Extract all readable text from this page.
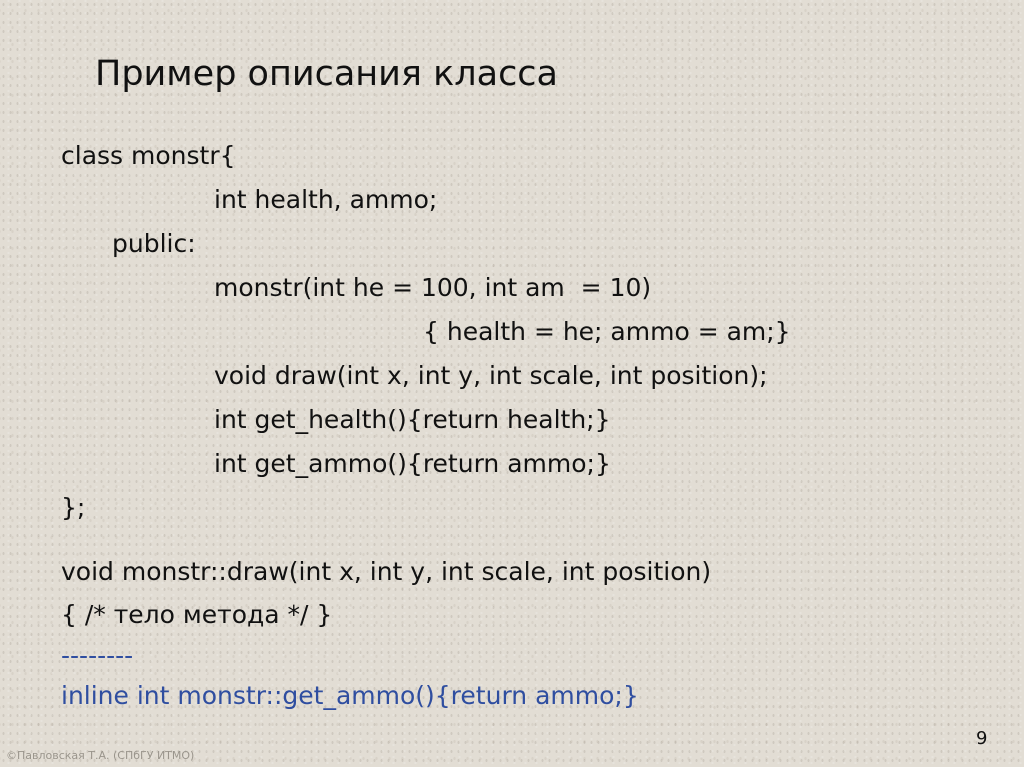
Пример описания класса
class monstr{
int health, ammo;
public:
monstr(int he = 100, int am  = 10)
{ health = he; ammo = am;}
void draw(int x, int y, int scale, int position);
int get_health(){return health;}
int get_ammo(){return ammo;}
};
void monstr::draw(int x, int y, int scale, int position)
{ /* тело метода */ }
--------
inline int monstr::get_ammo(){return ammo;}
9
©Павловская Т.А. (СПбГУ ИТМО)
